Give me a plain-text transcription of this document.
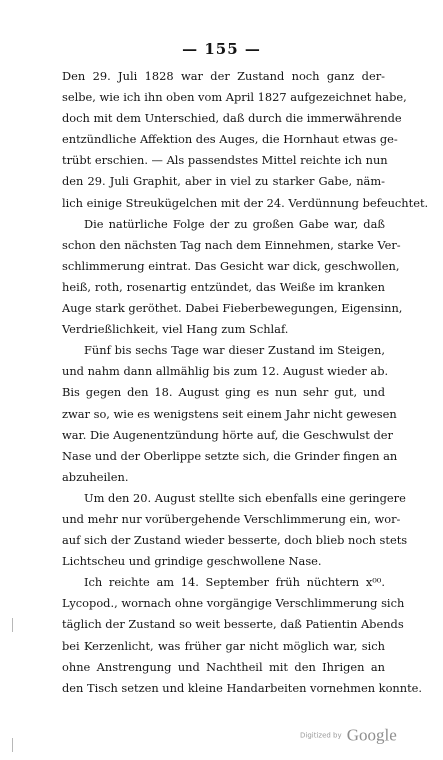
— 155 —
Den 29. Juli 1828 war der Zustand noch ganz der-
selbe, wie ich ihn oben vom April 1827 aufgezeichnet habe,
doch mit dem Unterschied, daß durch die immerwährende
entzündliche Affektion des Auges, die Hornhaut etwas ge-
trübt erschien. — Als passendstes Mittel reichte ich nun
den 29. Juli Graphit, aber in viel zu starker Gabe, näm-
lich einige Streukügelchen mit der 24. Verdünnung befeuchtet.
Die natürliche Folge der zu großen Gabe war, daß
schon den nächsten Tag nach dem Einnehmen, starke Ver-
schlimmerung eintrat. Das Gesicht war dick, geschwollen,
heiß, roth, rosenartig entzündet, das Weiße im kranken
Auge stark geröthet. Dabei Fieberbewegungen, Eigensinn,
Verdrießlichkeit, viel Hang zum Schlaf.
Fünf bis sechs Tage war dieser Zustand im Steigen,
und nahm dann allmählig bis zum 12. August wieder ab.
Bis gegen den 18. August ging es nun sehr gut, und
zwar so, wie es wenigstens seit einem Jahr nicht gewesen
war. Die Augenentzündung hörte auf, die Geschwulst der
Nase und der Oberlippe setzte sich, die Grinder fingen an
abzuheilen.
Um den 20. August stellte sich ebenfalls eine geringere
und mehr nur vorübergehende Verschlimmerung ein, wor-
auf sich der Zustand wieder besserte, doch blieb noch stets
Lichtscheu und grindige geschwollene Nase.
Ich reichte am 14. September früh nüchtern x⁰⁰.
Lycopod., wornach ohne vorgängige Verschlimmerung sich
täglich der Zustand so weit besserte, daß Patientin Abends
bei Kerzenlicht, was früher gar nicht möglich war, sich
ohne Anstrengung und Nachtheil mit den Ihrigen an
den Tisch setzen und kleine Handarbeiten vornehmen konnte.
Digitized by Google
